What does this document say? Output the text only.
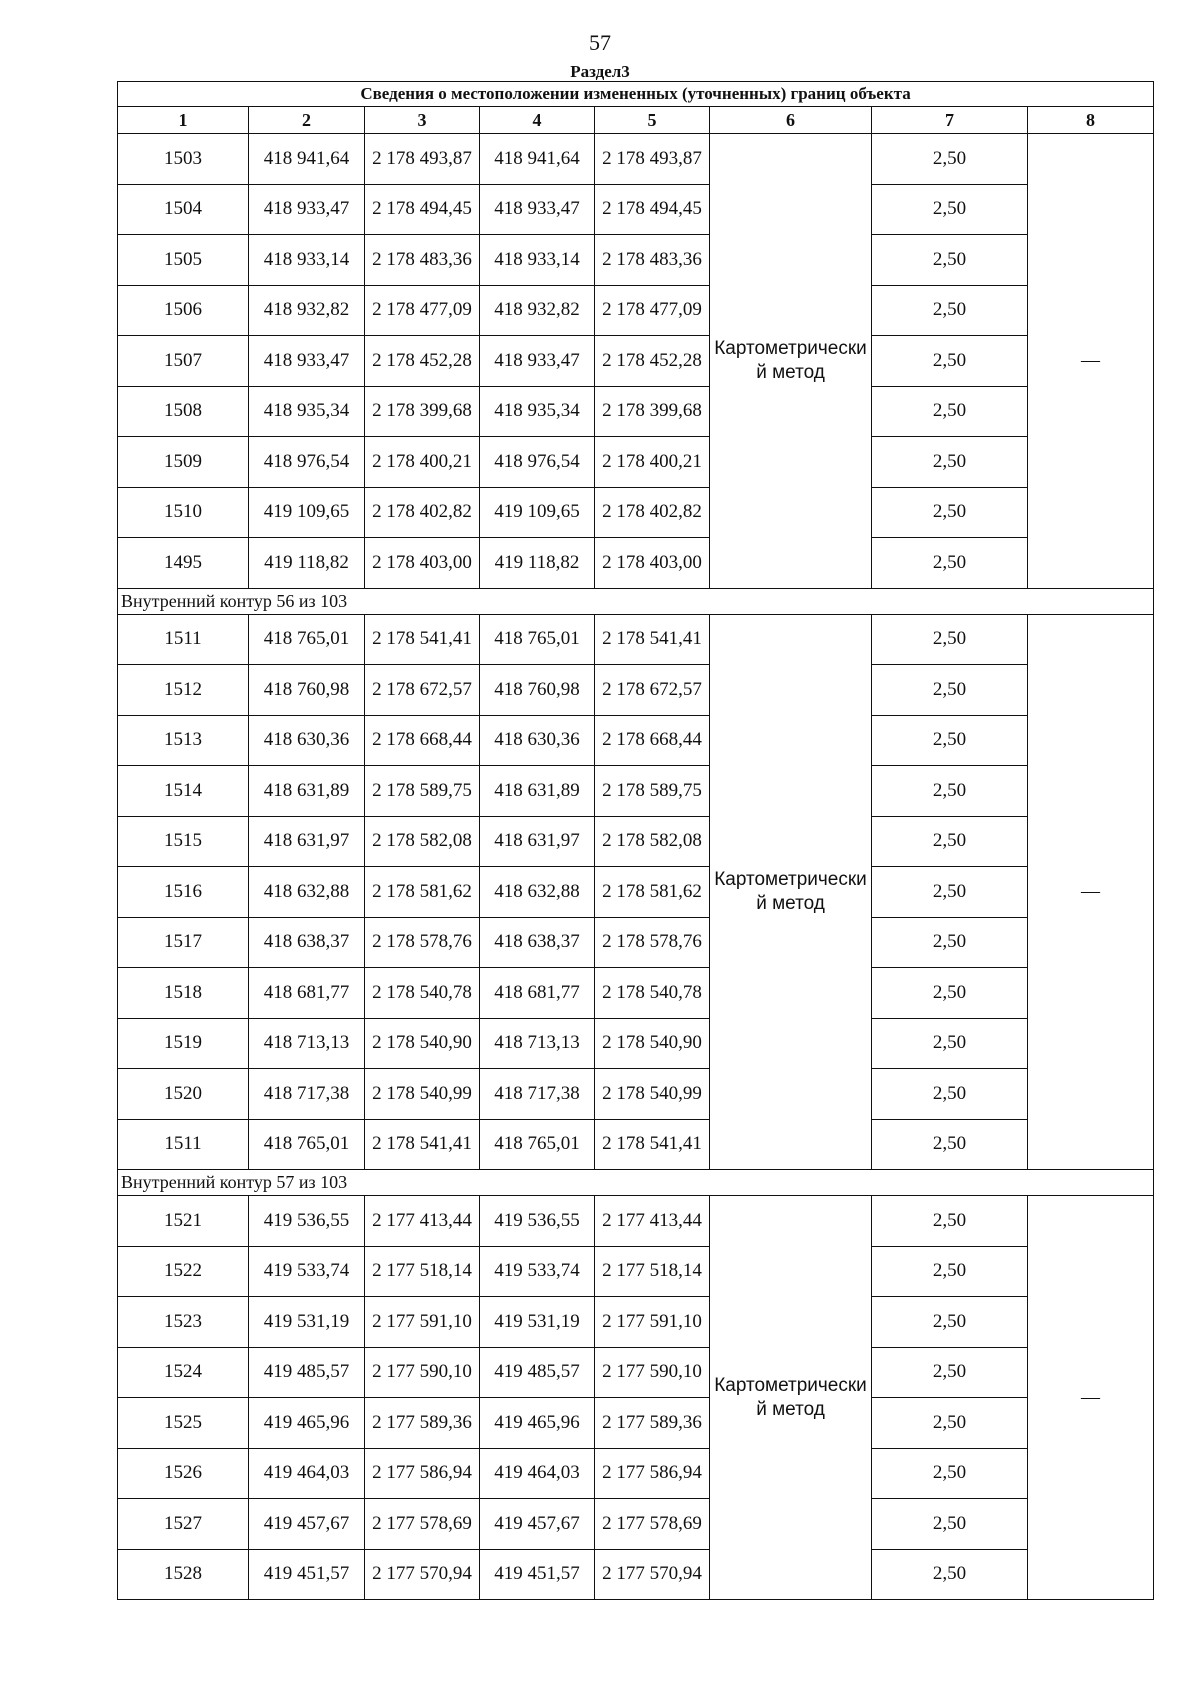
57
Раздел3
Сведения о местоположении измененных (уточненных) границ объекта							
1	2	3	4	5	6	7	8
1503	418 941,64	2 178 493,87	418 941,64	2 178 493,87	Картометрически й метод	2,50	—
1504	418 933,47	2 178 494,45	418 933,47	2 178 494,45		2,50	
1505	418 933,14	2 178 483,36	418 933,14	2 178 483,36		2,50	
1506	418 932,82	2 178 477,09	418 932,82	2 178 477,09		2,50	
1507	418 933,47	2 178 452,28	418 933,47	2 178 452,28		2,50	
1508	418 935,34	2 178 399,68	418 935,34	2 178 399,68		2,50	
1509	418 976,54	2 178 400,21	418 976,54	2 178 400,21		2,50	
1510	419 109,65	2 178 402,82	419 109,65	2 178 402,82		2,50	
1495	419 118,82	2 178 403,00	419 118,82	2 178 403,00		2,50	
Внутренний контур 56 из 103							
1511	418 765,01	2 178 541,41	418 765,01	2 178 541,41	Картометрически й метод	2,50	—
1512	418 760,98	2 178 672,57	418 760,98	2 178 672,57		2,50	
1513	418 630,36	2 178 668,44	418 630,36	2 178 668,44		2,50	
1514	418 631,89	2 178 589,75	418 631,89	2 178 589,75		2,50	
1515	418 631,97	2 178 582,08	418 631,97	2 178 582,08		2,50	
1516	418 632,88	2 178 581,62	418 632,88	2 178 581,62		2,50	
1517	418 638,37	2 178 578,76	418 638,37	2 178 578,76		2,50	
1518	418 681,77	2 178 540,78	418 681,77	2 178 540,78		2,50	
1519	418 713,13	2 178 540,90	418 713,13	2 178 540,90		2,50	
1520	418 717,38	2 178 540,99	418 717,38	2 178 540,99		2,50	
1511	418 765,01	2 178 541,41	418 765,01	2 178 541,41		2,50	
Внутренний контур 57 из 103							
1521	419 536,55	2 177 413,44	419 536,55	2 177 413,44	Картометрически й метод	2,50	—
1522	419 533,74	2 177 518,14	419 533,74	2 177 518,14		2,50	
1523	419 531,19	2 177 591,10	419 531,19	2 177 591,10		2,50	
1524	419 485,57	2 177 590,10	419 485,57	2 177 590,10		2,50	
1525	419 465,96	2 177 589,36	419 465,96	2 177 589,36		2,50	
1526	419 464,03	2 177 586,94	419 464,03	2 177 586,94		2,50	
1527	419 457,67	2 177 578,69	419 457,67	2 177 578,69		2,50	
1528	419 451,57	2 177 570,94	419 451,57	2 177 570,94		2,50	
